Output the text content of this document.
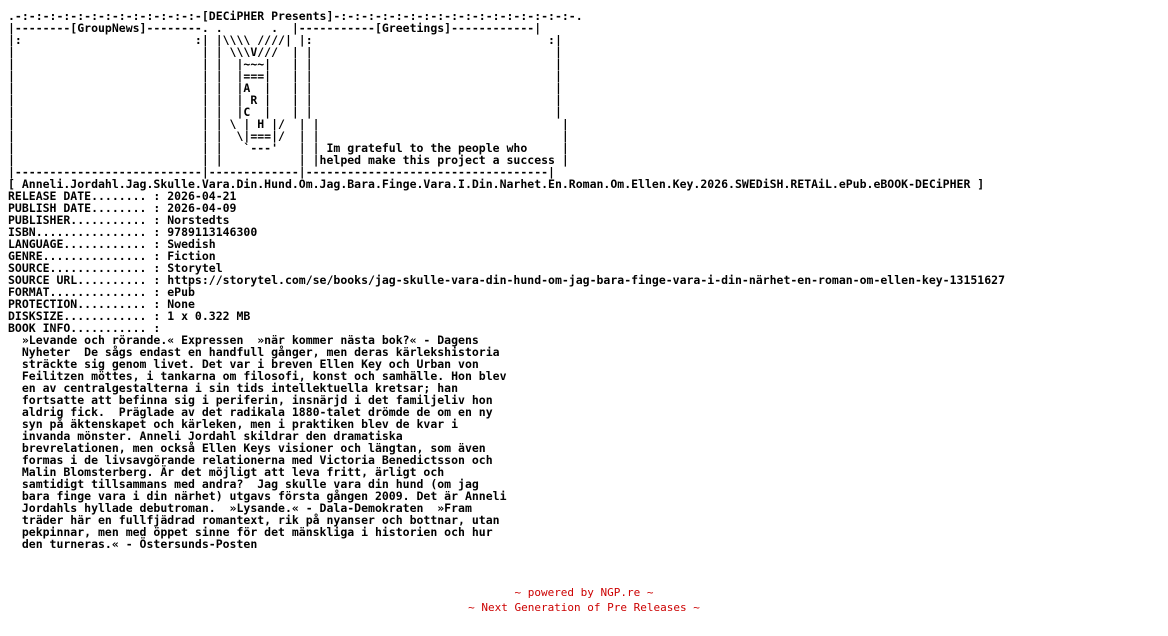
.-:-:-:-:-:-:-:-:-:-:-:-:-:-[DECiPHER Presents]-:-:-:-:-:-:-:-:-:-:-:-:-:-:-:-:-:-.
|--------[GroupNews]--------. .       .  |-----------[Greetings]------------|
|:                         :| |\\\\ ////| |:                                  :|
|                           | | \\\V///  | |                                   |
|                           | |  |~~~|   | |                                   |
|                           | |  |===|   | |                                   |
|                           | |  |A  |   | |                                   |
|                           | |  | R |   | |                                   |
|                           | |  |C  |   | |                                   |
|                           | | \ | H |/  | |                                   |
|                           | |  \|===|/  | |                                   |
|                           | |   `---'   | | Im grateful to the people who     |
|                           | |           | |helped make this project a success |
|---------------------------|-------------|-----------------------------------|
[ Anneli.Jordahl.Jag.Skulle.Vara.Din.Hund.Om.Jag.Bara.Finge.Vara.I.Din.Narhet.En.Roman.Om.Ellen.Key.2026.SWEDiSH.RETAiL.ePub.eBOOK-DECiPHER ]
RELEASE DATE........ : 2026-04-21
PUBLISH DATE........ : 2026-04-09
PUBLISHER........... : Norstedts
ISBN................ : 9789113146300
LANGUAGE............ : Swedish
GENRE............... : Fiction
SOURCE.............. : Storytel
SOURCE URL.......... : https://storytel.com/se/books/jag-skulle-vara-din-hund-om-jag-bara-finge-vara-i-din-närhet-en-roman-om-ellen-key-13151627
FORMAT.............. : ePub
PROTECTION.......... : None
DISKSIZE............ : 1 x 0.322 MB
BOOK INFO........... :
»Levande och rörande.« Expressen  »när kommer nästa bok?« - Dagens
Nyheter  De sågs endast en handfull gånger, men deras kärlekshistoria
sträckte sig genom livet. Det var i breven Ellen Key och Urban von
Feilitzen möttes, i tankarna om filosofi, konst och samhälle. Hon blev
en av centralgestalterna i sin tids intellektuella kretsar; han
fortsatte att befinna sig i periferin, insnärjd i det familjeliv hon
aldrig fick.  Präglade av det radikala 1880-talet drömde de om en ny
syn på äktenskapet och kärleken, men i praktiken blev de kvar i
invanda mönster. Anneli Jordahl skildrar den dramatiska
brevrelationen, men också Ellen Keys visioner och längtan, som även
formas i de livsavgörande relationerna med Victoria Benedictsson och
Malin Blomsterberg. Är det möjligt att leva fritt, ärligt och
samtidigt tillsammans med andra?  Jag skulle vara din hund (om jag
bara finge vara i din närhet) utgavs första gången 2009. Det är Anneli
Jordahls hyllade debutroman.  »Lysande.« - Dala-Demokraten  »Fram
träder här en fullfjädrad romantext, rik på nyanser och bottnar, utan
pekpinnar, men med öppet sinne för det mänskliga i historien och hur
den turneras.« - Östersunds-Posten
~ powered by NGP.re ~
~ Next Generation of Pre Releases ~
